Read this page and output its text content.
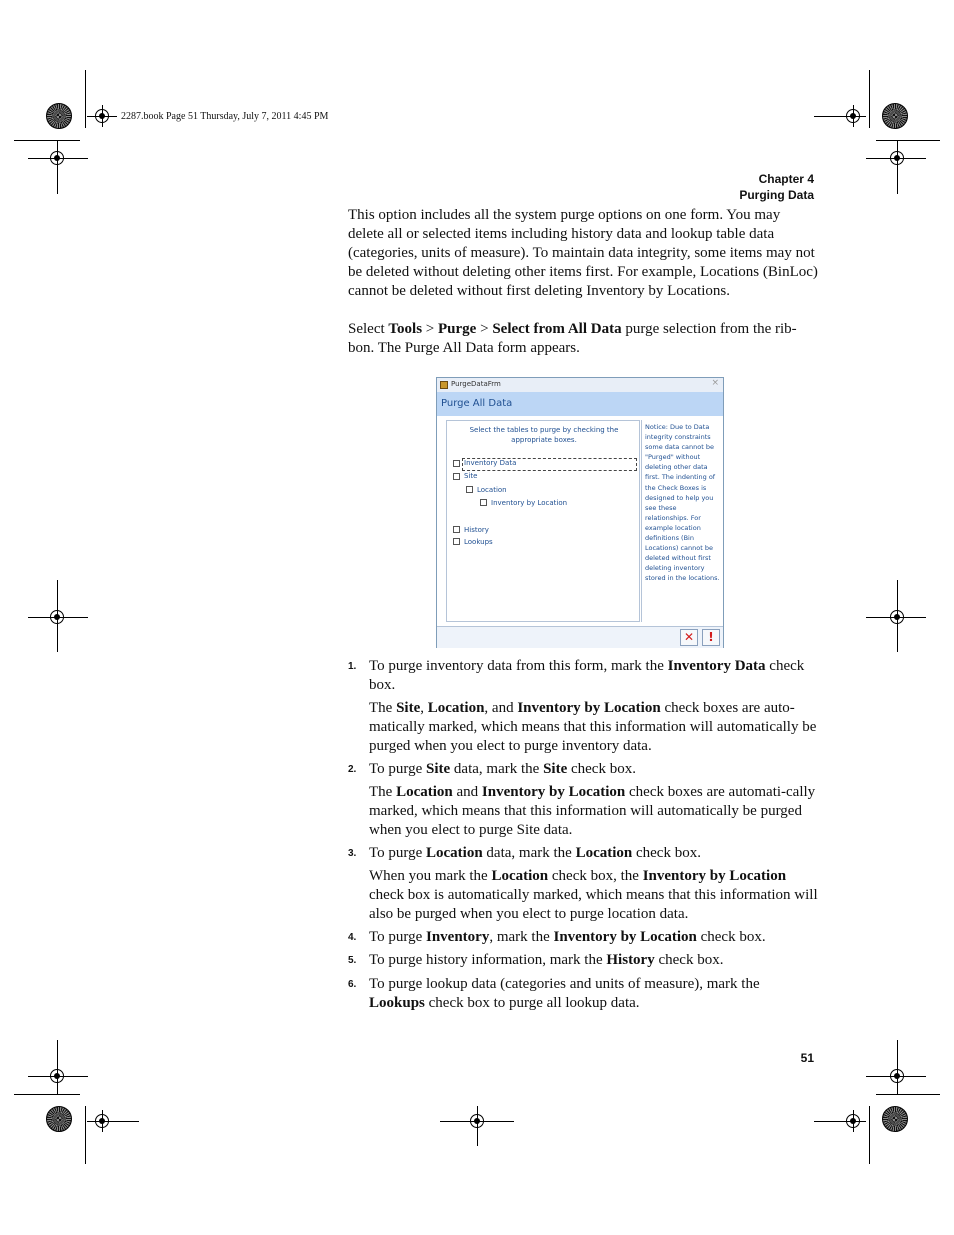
2287.book Page 51 Thursday, July 7, 2011 4:45 PM
Chapter 4
Purging Data

This option includes all the system purge options on one form. You may delete all or selected items including history data and lookup table data (categories, units of measure). To maintain data integrity, some items may not be deleted without deleting other items first. For example, Locations (BinLoc) cannot be deleted without first deleting Inventory by Locations.

Select Tools > Purge > Select from All Data purge selection from the rib-bon. The Purge All Data form appears.

PurgeDataFrm	×
Purge All Data
Select the tables to purge by checking the appropriate boxes.
Inventory Data
Site
Location
Inventory by Location
History
Lookups
Notice: Due to Data integrity constraints some data cannot be "Purged" without deleting other data first. The indenting of the Check Boxes is designed to help you see these relationships. For example location definitions (Bin Locations) cannot be deleted without first deleting inventory stored in the locations.
✕	!
1. To purge inventory data from this form, mark the Inventory Data check box.

The Site, Location, and Inventory by Location check boxes are auto-matically marked, which means that this information will automatically be purged when you elect to purge inventory data.

2. To purge Site data, mark the Site check box.

The Location and Inventory by Location check boxes are automati-cally marked, which means that this information will automatically be purged when you elect to purge Site data.

3. To purge Location data, mark the Location check box.

When you mark the Location check box, the Inventory by Location check box is automatically marked, which means that this information will also be purged when you elect to purge location data.

4. To purge Inventory, mark the Inventory by Location check box.

5. To purge history information, mark the History check box.

6. To purge lookup data (categories and units of measure), mark the Lookups check box to purge all lookup data.

51
